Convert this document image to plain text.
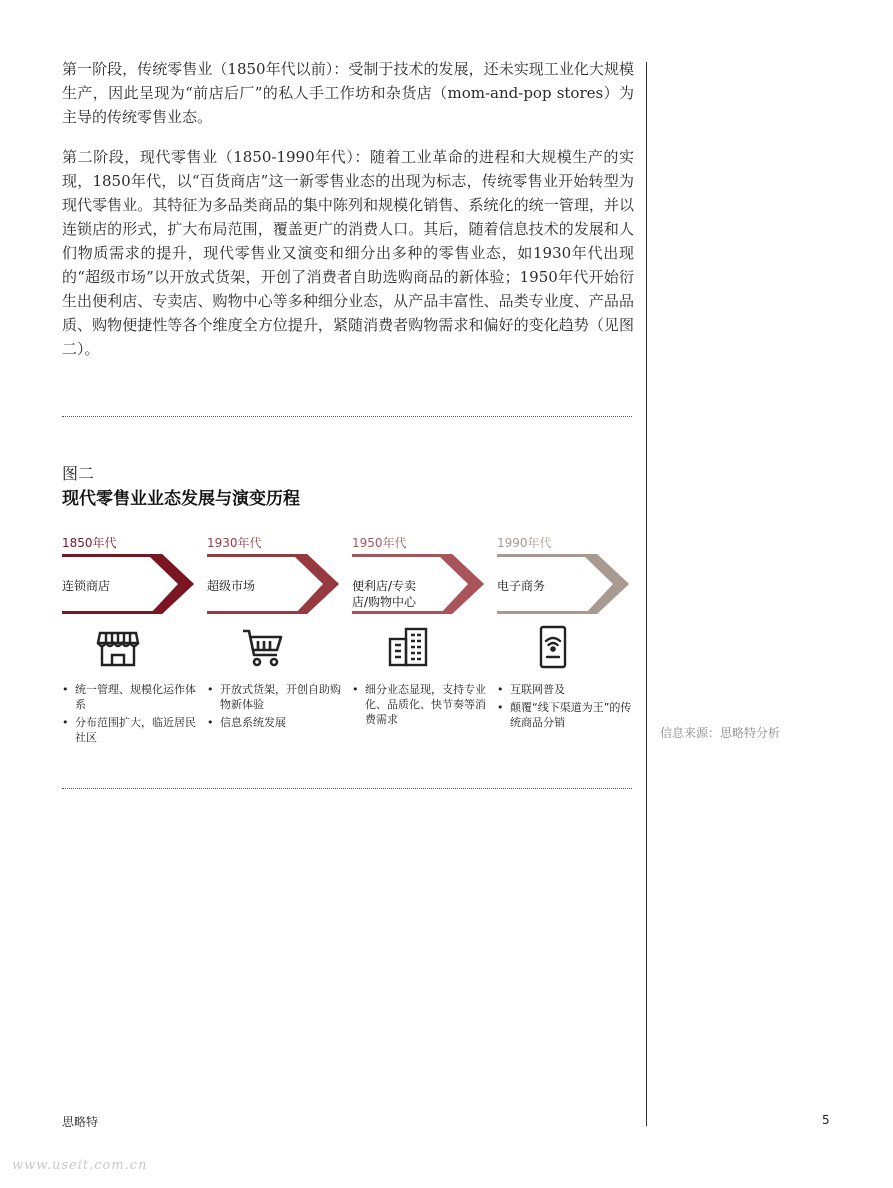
第一阶段，传统零售业（1850年代以前）：受制于技术的发展，还未实现工业化大规模生产，因此呈现为“前店后厂”的私人手工作坊和杂货店（mom-and-pop stores）为主导的传统零售业态。

第二阶段，现代零售业（1850-1990年代）：随着工业革命的进程和大规模生产的实现，1850年代，以“百货商店”这一新零售业态的出现为标志，传统零售业开始转型为现代零售业。其特征为多品类商品的集中陈列和规模化销售、系统化的统一管理，并以连锁店的形式，扩大布局范围，覆盖更广的消费人口。其后，随着信息技术的发展和人们物质需求的提升，现代零售业又演变和细分出多种的零售业态，如1930年代出现的“超级市场”以开放式货架，开创了消费者自助选购商品的新体验；1950年代开始衍生出便利店、专卖店、购物中心等多种细分业态，从产品丰富性、品类专业度、产品品质、购物便捷性等各个维度全方位提升，紧随消费者购物需求和偏好的变化趋势（见图二）。

图二
现代零售业业态发展与演变历程
1850年代
连锁商店
• 统一管理、规模化运作体系
• 分布范围扩大，临近居民社区
1930年代
超级市场
• 开放式货架，开创自助购物新体验
• 信息系统发展
1950年代
便利店/专卖店/购物中心
• 细分业态显现，支持专业化、品质化、快节奏等消费需求
1990年代
电子商务
• 互联网普及
• 颠覆“线下渠道为王”的传统商品分销
信息来源：思略特分析
思略特	5
www.useit.com.cn
